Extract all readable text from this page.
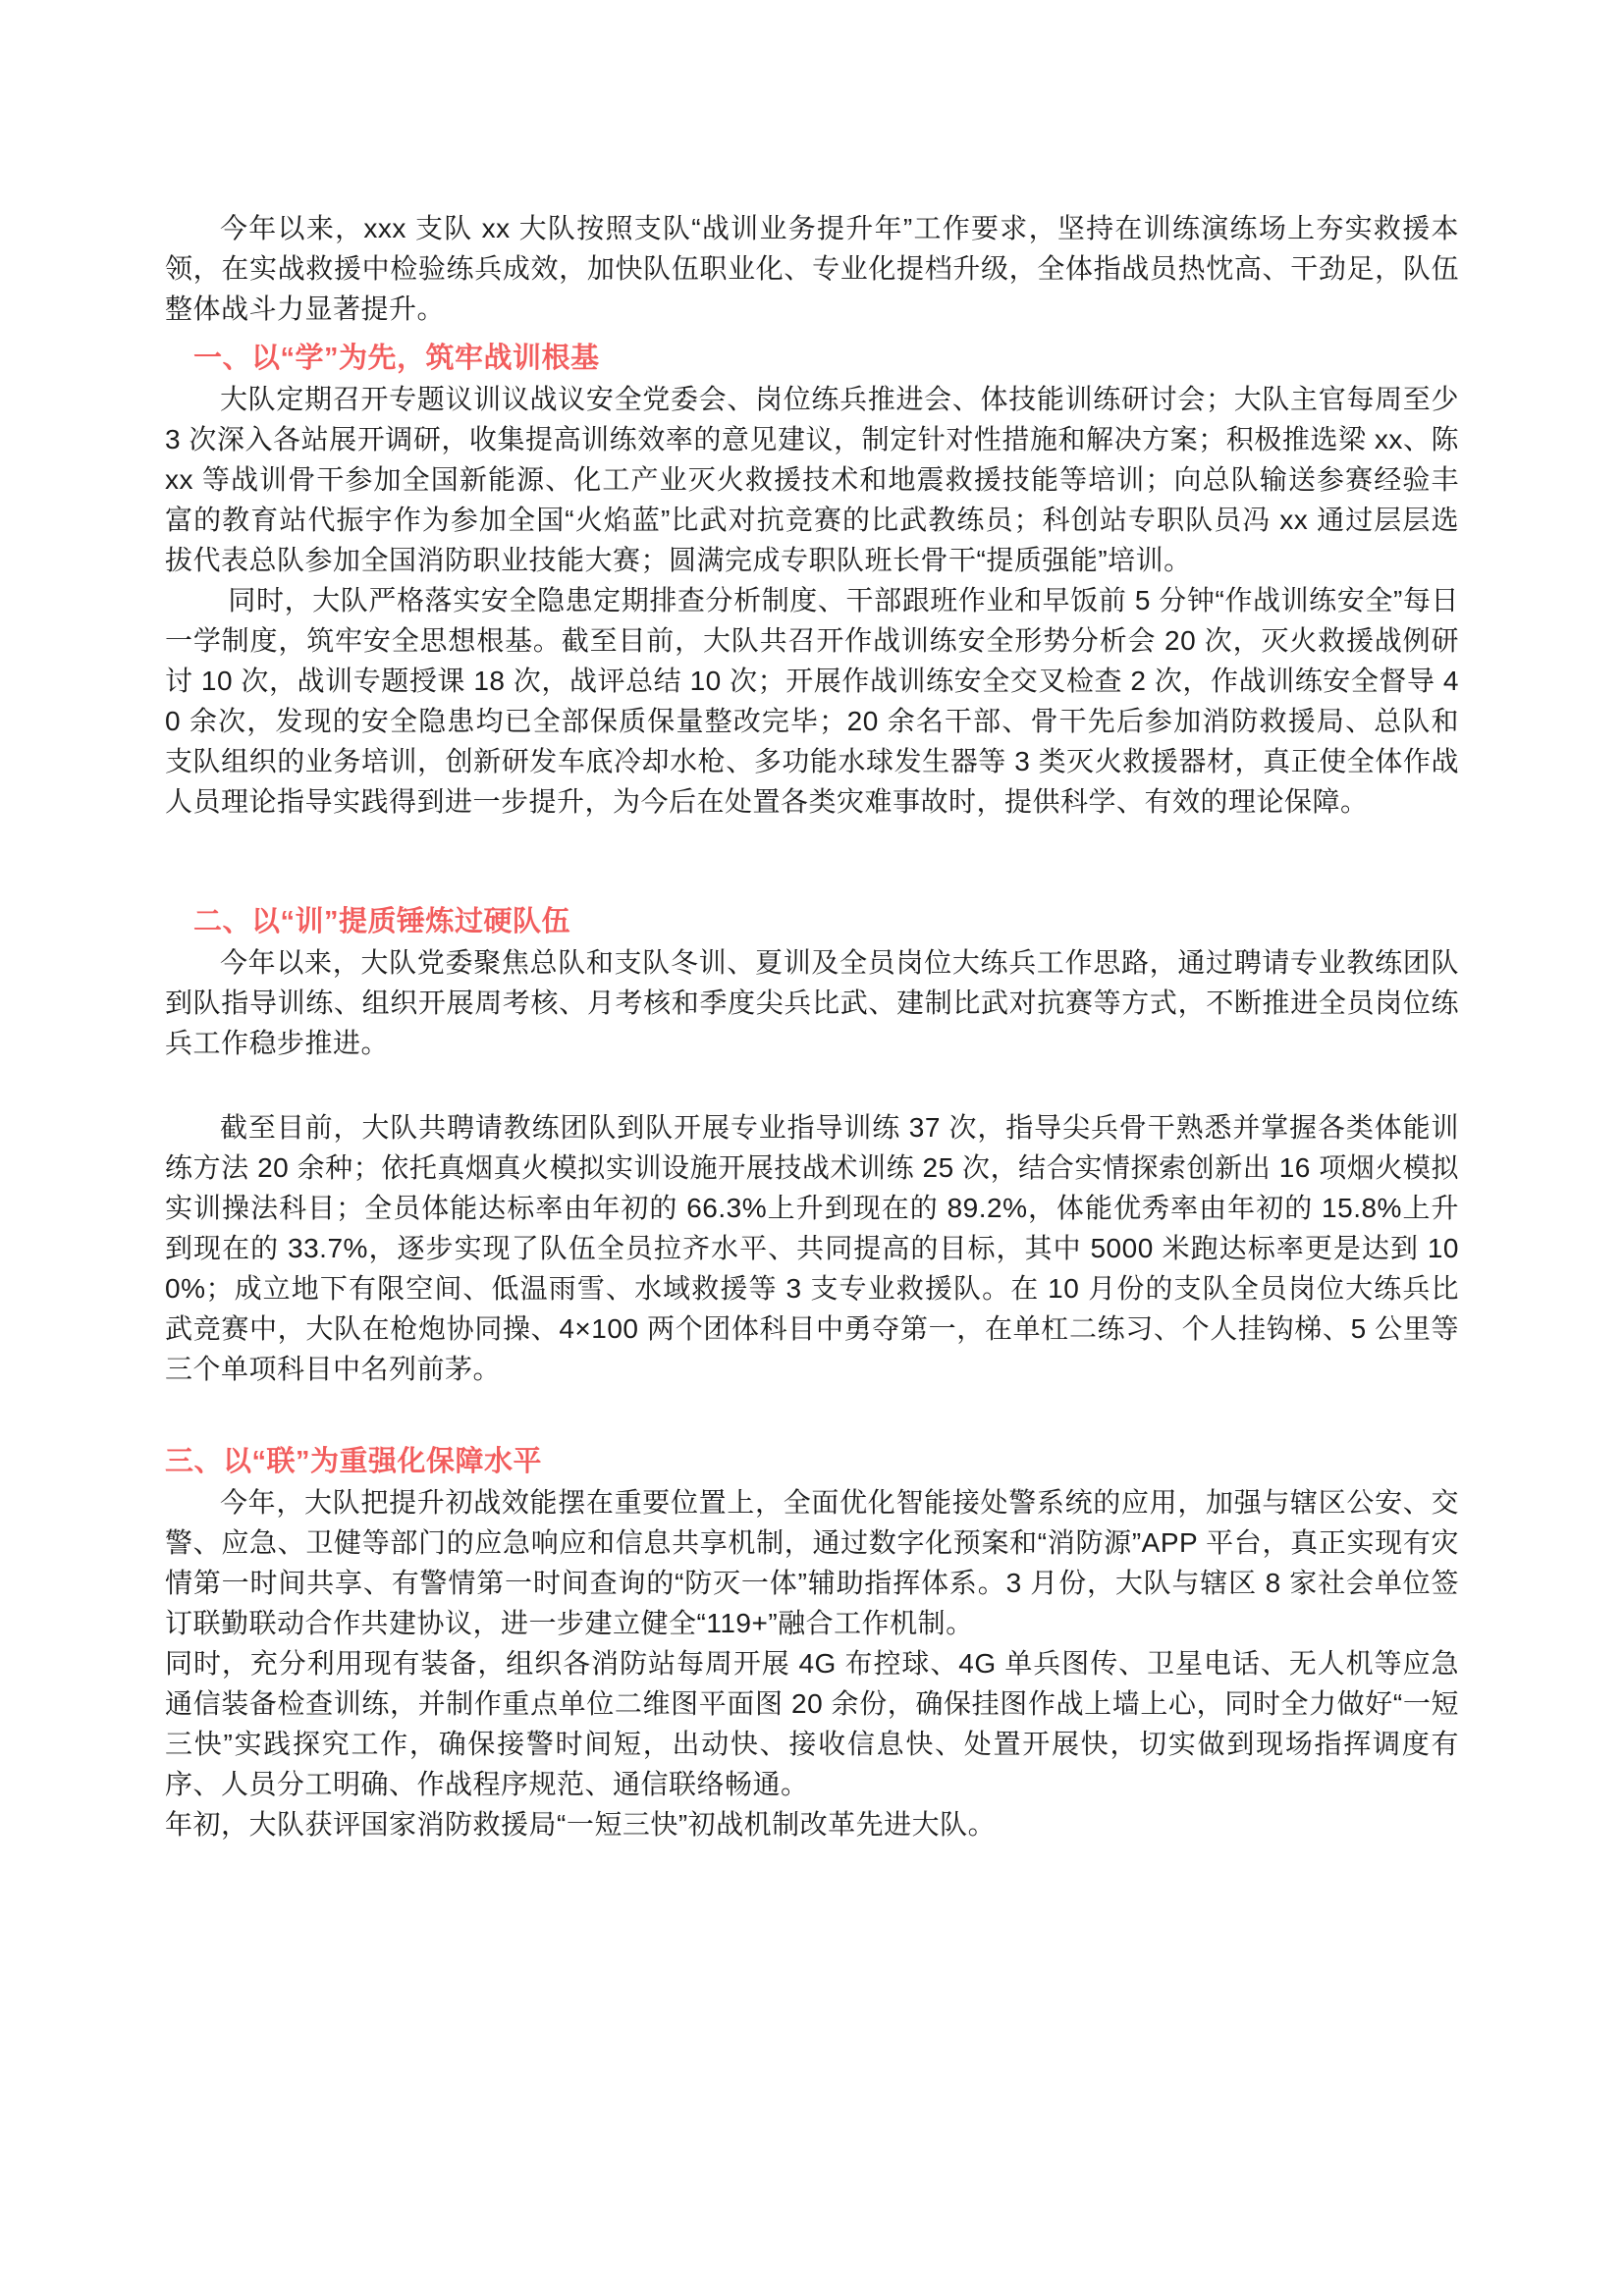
今年以来，xxx 支队 xx 大队按照支队“战训业务提升年”工作要求，坚持在训练演练场上夯实救援本领，在实战救援中检验练兵成效，加快队伍职业化、专业化提档升级，全体指战员热忱高、干劲足，队伍整体战斗力显著提升。

一、以“学”为先，筑牢战训根基

大队定期召开专题议训议战议安全党委会、岗位练兵推进会、体技能训练研讨会；大队主官每周至少 3 次深入各站展开调研，收集提高训练效率的意见建议，制定针对性措施和解决方案；积极推选梁 xx、陈 xx 等战训骨干参加全国新能源、化工产业灭火救援技术和地震救援技能等培训；向总队输送参赛经验丰富的教育站代振宇作为参加全国“火焰蓝”比武对抗竞赛的比武教练员；科创站专职队员冯 xx 通过层层选拔代表总队参加全国消防职业技能大赛；圆满完成专职队班长骨干“提质强能”培训。

同时，大队严格落实安全隐患定期排查分析制度、干部跟班作业和早饭前 5 分钟“作战训练安全”每日一学制度，筑牢安全思想根基。截至目前，大队共召开作战训练安全形势分析会 20 次，灭火救援战例研讨 10 次，战训专题授课 18 次，战评总结 10 次；开展作战训练安全交叉检查 2 次，作战训练安全督导 40 余次，发现的安全隐患均已全部保质保量整改完毕；20 余名干部、骨干先后参加消防救援局、总队和支队组织的业务培训，创新研发车底冷却水枪、多功能水球发生器等 3 类灭火救援器材，真正使全体作战人员理论指导实践得到进一步提升，为今后在处置各类灾难事故时，提供科学、有效的理论保障。

二、以“训”提质锤炼过硬队伍

今年以来，大队党委聚焦总队和支队冬训、夏训及全员岗位大练兵工作思路，通过聘请专业教练团队到队指导训练、组织开展周考核、月考核和季度尖兵比武、建制比武对抗赛等方式，不断推进全员岗位练兵工作稳步推进。

截至目前，大队共聘请教练团队到队开展专业指导训练 37 次，指导尖兵骨干熟悉并掌握各类体能训练方法 20 余种；依托真烟真火模拟实训设施开展技战术训练 25 次，结合实情探索创新出 16 项烟火模拟实训操法科目；全员体能达标率由年初的 66.3%上升到现在的 89.2%，体能优秀率由年初的 15.8%上升到现在的 33.7%，逐步实现了队伍全员拉齐水平、共同提高的目标，其中 5000 米跑达标率更是达到 100%；成立地下有限空间、低温雨雪、水域救援等 3 支专业救援队。在 10 月份的支队全员岗位大练兵比武竞赛中，大队在枪炮协同操、4×100 两个团体科目中勇夺第一，在单杠二练习、个人挂钩梯、5 公里等三个单项科目中名列前茅。

三、以“联”为重强化保障水平

今年，大队把提升初战效能摆在重要位置上，全面优化智能接处警系统的应用，加强与辖区公安、交警、应急、卫健等部门的应急响应和信息共享机制，通过数字化预案和“消防源”APP 平台，真正实现有灾情第一时间共享、有警情第一时间查询的“防灭一体”辅助指挥体系。3 月份，大队与辖区 8 家社会单位签订联勤联动合作共建协议，进一步建立健全“119+”融合工作机制。

同时，充分利用现有装备，组织各消防站每周开展 4G 布控球、4G 单兵图传、卫星电话、无人机等应急通信装备检查训练，并制作重点单位二维图平面图 20 余份，确保挂图作战上墙上心，同时全力做好“一短三快”实践探究工作，确保接警时间短，出动快、接收信息快、处置开展快，切实做到现场指挥调度有序、人员分工明确、作战程序规范、通信联络畅通。

年初，大队获评国家消防救援局“一短三快”初战机制改革先进大队。
